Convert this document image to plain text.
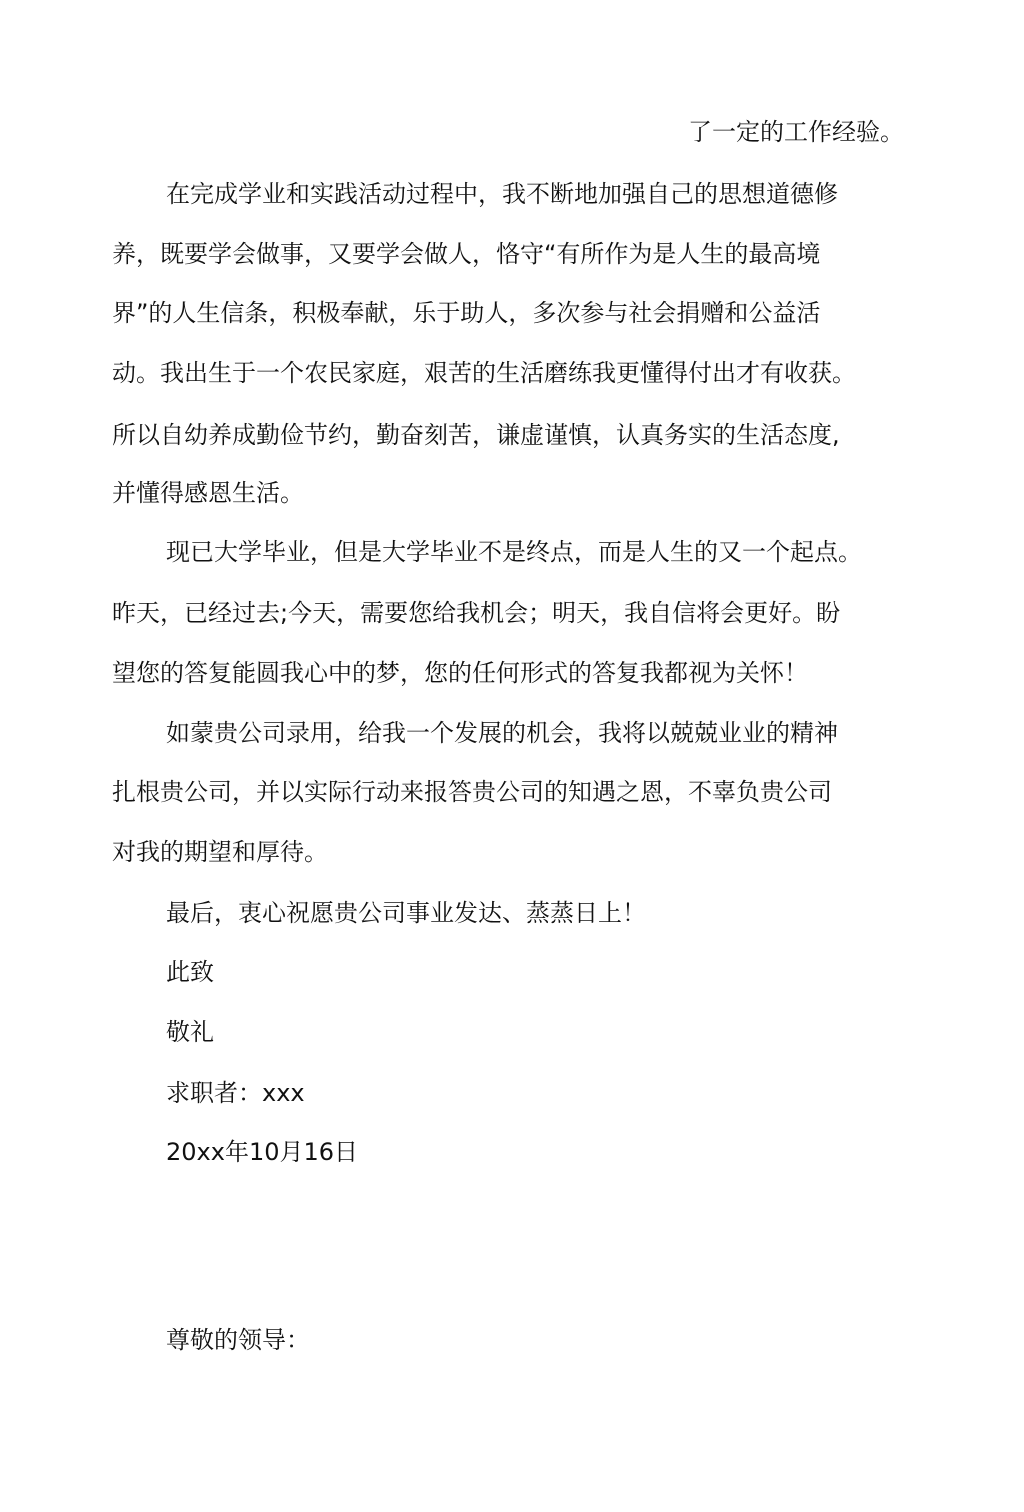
了一定的工作经验。
在完成学业和实践活动过程中，我不断地加强自己的思想道德修
养，既要学会做事，又要学会做人，恪守“有所作为是人生的最高境
界”的人生信条，积极奉献，乐于助人，多次参与社会捐赠和公益活
动。我出生于一个农民家庭，艰苦的生活磨练我更懂得付出才有收获。
所以自幼养成勤俭节约，勤奋刻苦，谦虚谨慎，认真务实的生活态度,
并懂得感恩生活。
现已大学毕业，但是大学毕业不是终点，而是人生的又一个起点。
昨天，已经过去;今天，需要您给我机会；明天，我自信将会更好。盼
望您的答复能圆我心中的梦，您的任何形式的答复我都视为关怀！
如蒙贵公司录用，给我一个发展的机会，我将以兢兢业业的精神
扎根贵公司，并以实际行动来报答贵公司的知遇之恩，不辜负贵公司
对我的期望和厚待。
最后，衷心祝愿贵公司事业发达、蒸蒸日上！
此致
敬礼
求职者：xxx
20xx年10月16日
尊敬的领导：
